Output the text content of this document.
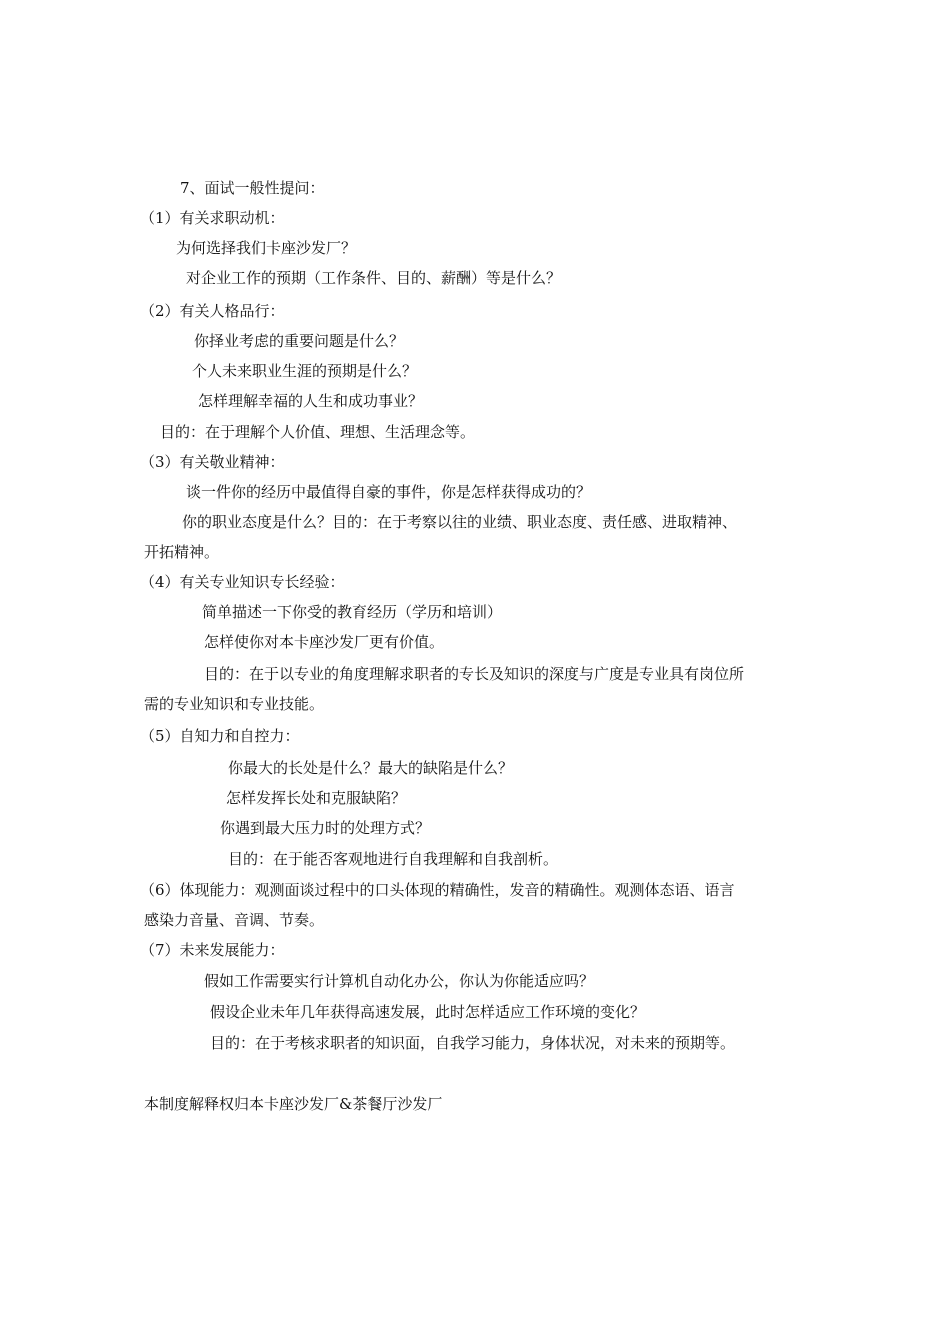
7、面试一般性提问：
（1）有关求职动机：
为何选择我们卡座沙发厂？
对企业工作的预期（工作条件、目的、薪酬）等是什么？
（2）有关人格品行：
你择业考虑的重要问题是什么？
个人未来职业生涯的预期是什么？
怎样理解幸福的人生和成功事业？
目的：在于理解个人价值、理想、生活理念等。
（3）有关敬业精神：
谈一件你的经历中最值得自豪的事件，你是怎样获得成功的？
你的职业态度是什么？目的：在于考察以往的业绩、职业态度、责任感、进取精神、
开拓精神。
（4）有关专业知识专长经验：
简单描述一下你受的教育经历（学历和培训）
怎样使你对本卡座沙发厂更有价值。
目的：在于以专业的角度理解求职者的专长及知识的深度与广度是专业具有岗位所
需的专业知识和专业技能。
（5）自知力和自控力：
你最大的长处是什么？最大的缺陷是什么？
怎样发挥长处和克服缺陷？
你遇到最大压力时的处理方式？
目的：在于能否客观地进行自我理解和自我剖析。
（6）体现能力：观测面谈过程中的口头体现的精确性，发音的精确性。观测体态语、语言
感染力音量、音调、节奏。
（7）未来发展能力：
假如工作需要实行计算机自动化办公，你认为你能适应吗？
假设企业未年几年获得高速发展，此时怎样适应工作环境的变化？
目的：在于考核求职者的知识面，自我学习能力，身体状况，对未来的预期等。
本制度解释权归本卡座沙发厂&茶餐厅沙发厂
